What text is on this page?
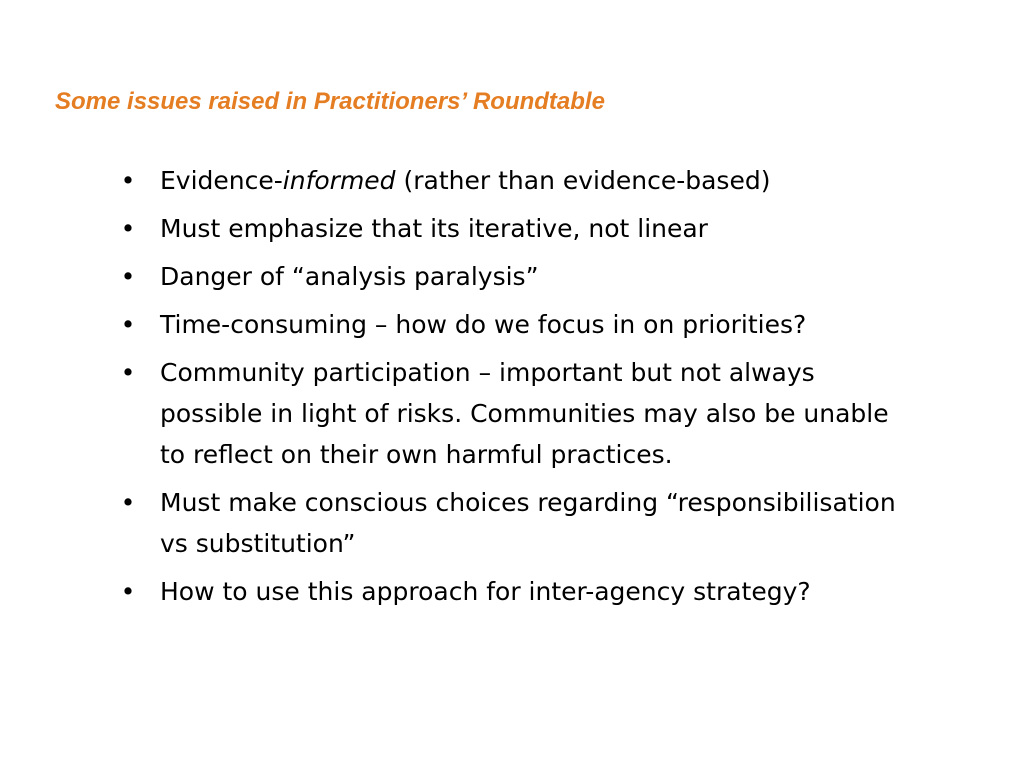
Some issues raised in Practitioners’ Roundtable
• Evidence-informed (rather than evidence-based)
• Must emphasize that its iterative, not linear
• Danger of “analysis paralysis”
• Time-consuming – how do we focus in on priorities?
• Community participation – important but not always possible in light of risks. Communities may also be unable to reflect on their own harmful practices.
• Must make conscious choices regarding “responsibilisation vs substitution”
• How to use this approach for inter-agency strategy?
